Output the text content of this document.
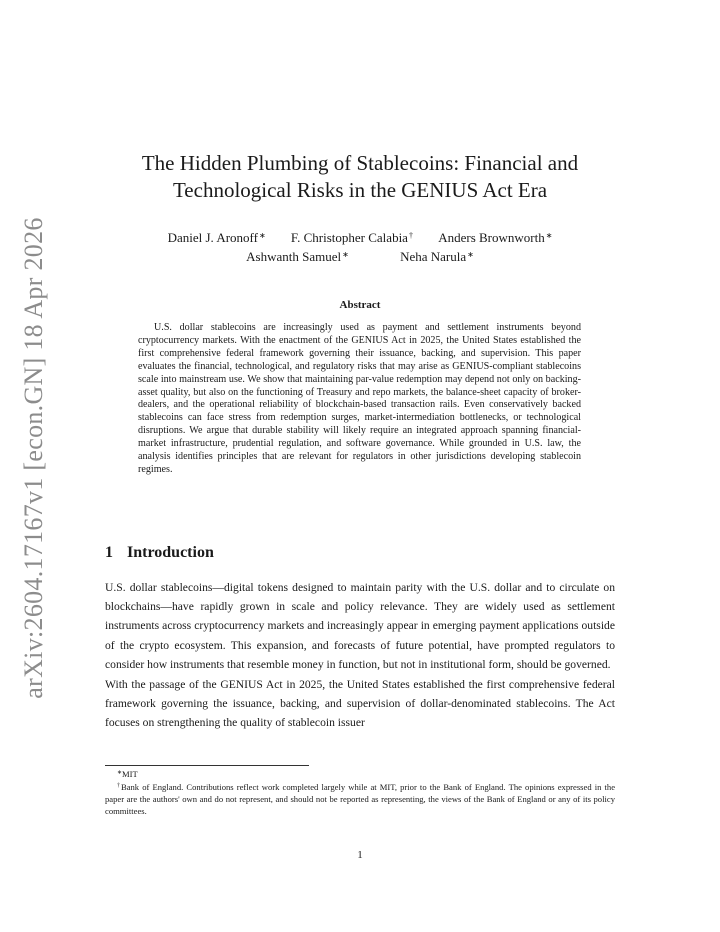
arXiv:2604.17167v1 [econ.GN] 18 Apr 2026
The Hidden Plumbing of Stablecoins: Financial and
Technological Risks in the GENIUS Act Era
Daniel J. Aronoff∗ F. Christopher Calabia† Anders Brownworth∗
Ashwanth Samuel∗	Neha Narula∗
Abstract
U.S. dollar stablecoins are increasingly used as payment and settlement instruments beyond cryptocurrency markets. With the enactment of the GENIUS Act in 2025, the United States established the first comprehensive federal framework governing their issuance, backing, and supervision. This paper evaluates the financial, technological, and regulatory risks that may arise as GENIUS-compliant stablecoins scale into mainstream use. We show that maintaining par-value redemption may depend not only on backing-asset quality, but also on the functioning of Treasury and repo markets, the balance-sheet capacity of broker-dealers, and the operational reliability of blockchain-based transaction rails. Even conservatively backed stablecoins can face stress from redemption surges, market-intermediation bottlenecks, or technological disruptions. We argue that durable stability will likely require an integrated approach spanning financial-market infrastructure, prudential regulation, and software governance. While grounded in U.S. law, the analysis identifies principles that are relevant for regulators in other jurisdictions developing stablecoin regimes.
1 Introduction
U.S. dollar stablecoins—digital tokens designed to maintain parity with the U.S. dollar and to circulate on blockchains—have rapidly grown in scale and policy relevance. They are widely used as settlement instruments across cryptocurrency markets and increasingly appear in emerging payment applications outside of the crypto ecosystem. This expansion, and forecasts of future potential, have prompted regulators to consider how instruments that resemble money in function, but not in institutional form, should be governed.
With the passage of the GENIUS Act in 2025, the United States established the first comprehensive federal framework governing the issuance, backing, and supervision of dollar-denominated stablecoins. The Act focuses on strengthening the quality of stablecoin issuer
∗MIT
†Bank of England. Contributions reflect work completed largely while at MIT, prior to the Bank of England. The opinions expressed in the paper are the authors' own and do not represent, and should not be reported as representing, the views of the Bank of England or any of its policy committees.
1
